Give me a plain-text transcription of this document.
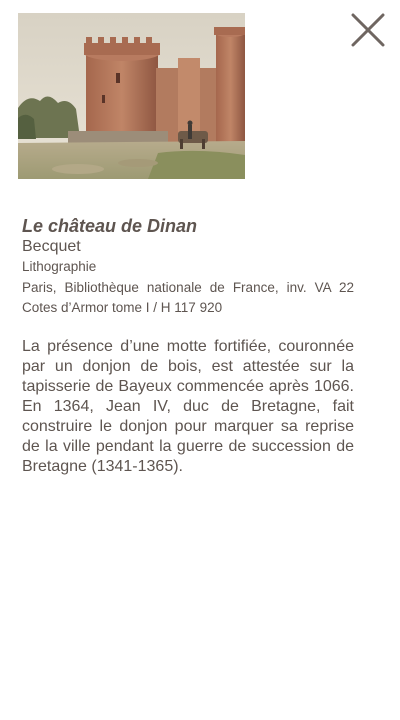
Le château de Dinan

Becquet

Lithographie

Paris, Bibliothèque nationale de France, inv. VA 22 Cotes d’Armor tome I / H 117 920

La présence d’une motte fortifiée, couronnée par un donjon de bois, est attestée sur la tapisserie de Bayeux commencée après 1066. En 1364, Jean IV, duc de Bretagne, fait construire le donjon pour marquer sa reprise de la ville pendant la guerre de succession de Bretagne (1341-1365).
